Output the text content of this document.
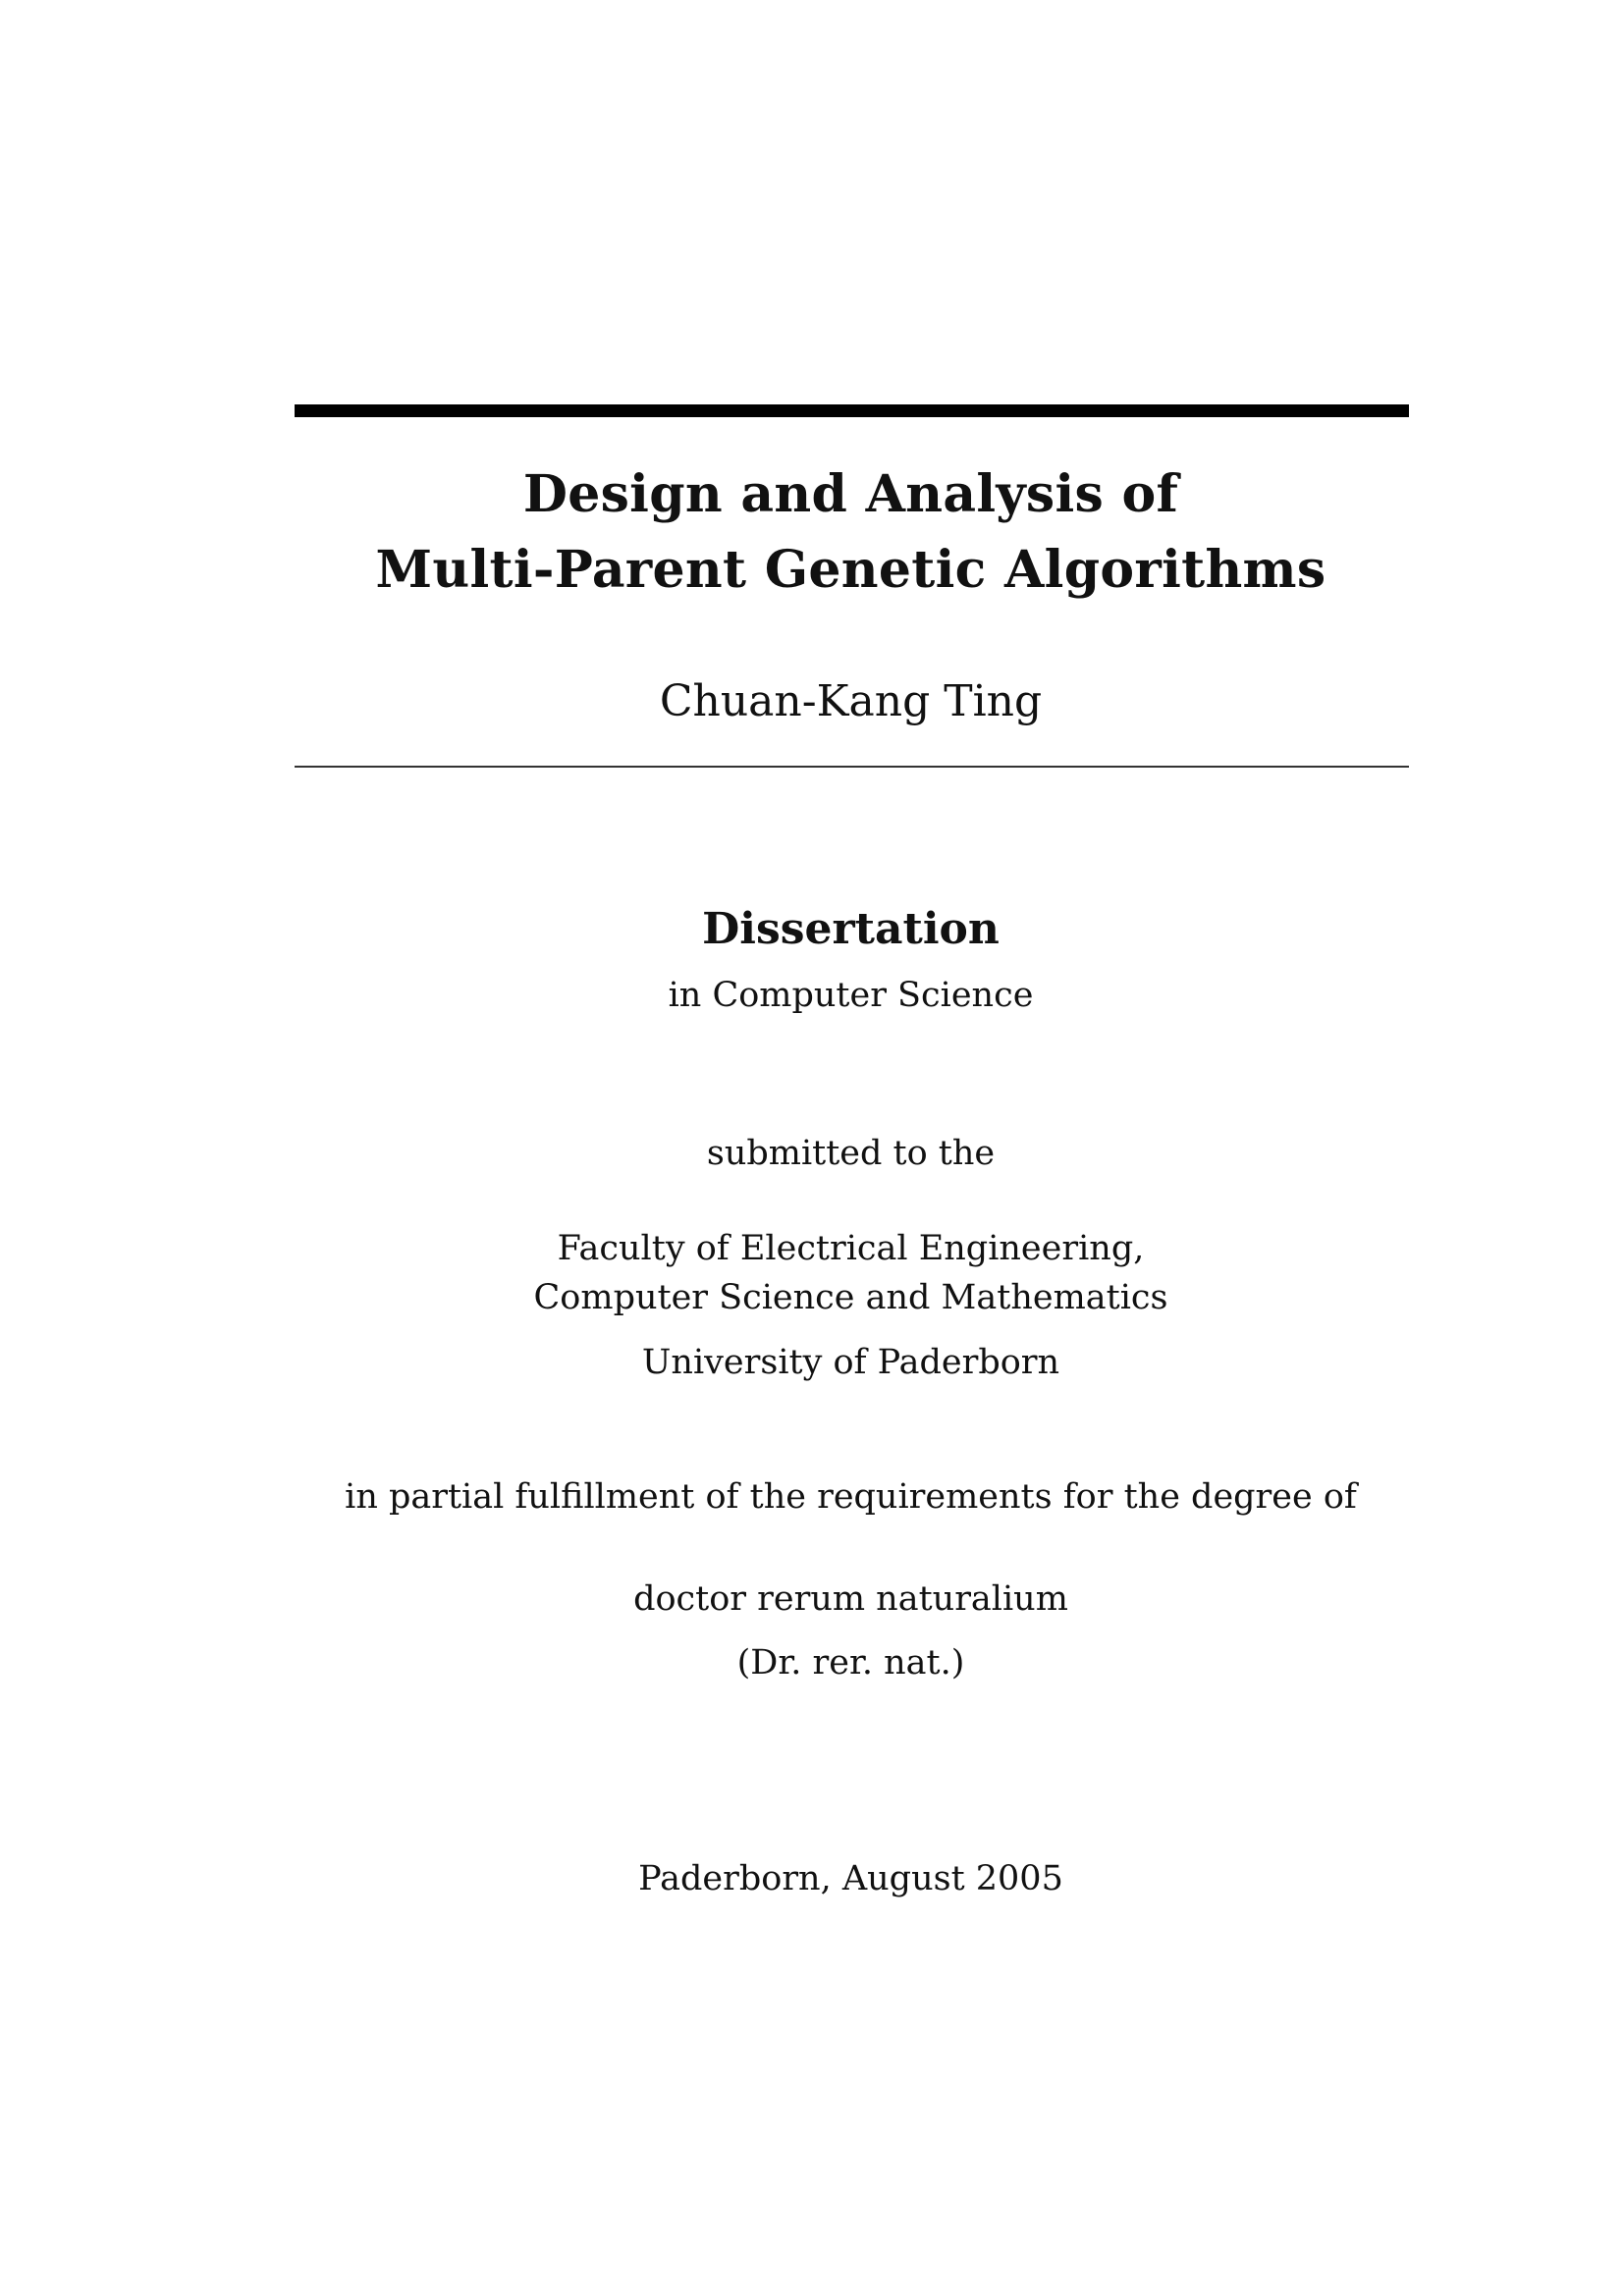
Design and Analysis of
Multi-Parent Genetic Algorithms
Chuan-Kang Ting
Dissertation
in Computer Science
submitted to the
Faculty of Electrical Engineering,
Computer Science and Mathematics
University of Paderborn
in partial fulfillment of the requirements for the degree of
doctor rerum naturalium
(Dr. rer. nat.)
Paderborn, August 2005
